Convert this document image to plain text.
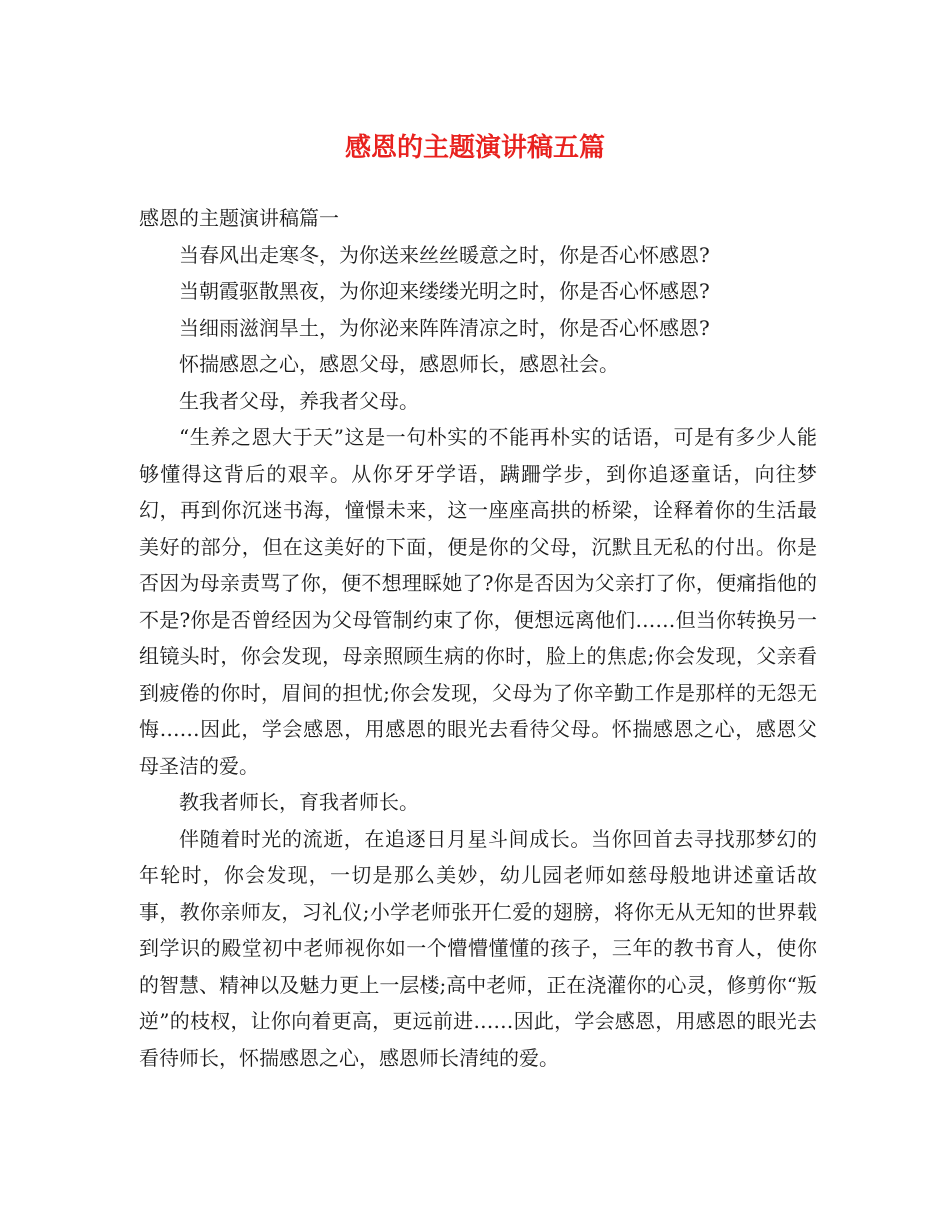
感恩的主题演讲稿五篇

感恩的主题演讲稿篇一

当春风出走寒冬，为你送来丝丝暖意之时，你是否心怀感恩?

当朝霞驱散黑夜，为你迎来缕缕光明之时，你是否心怀感恩?

当细雨滋润旱土，为你泌来阵阵清凉之时，你是否心怀感恩?

怀揣感恩之心，感恩父母，感恩师长，感恩社会。

生我者父母，养我者父母。

“生养之恩大于天”这是一句朴实的不能再朴实的话语，可是有多少人能够懂得这背后的艰辛。从你牙牙学语，蹒跚学步，到你追逐童话，向往梦幻，再到你沉迷书海，憧憬未来，这一座座高拱的桥梁，诠释着你的生活最美好的部分，但在这美好的下面，便是你的父母，沉默且无私的付出。你是否因为母亲责骂了你，便不想理睬她了?你是否因为父亲打了你，便痛指他的不是?你是否曾经因为父母管制约束了你，便想远离他们……但当你转换另一组镜头时，你会发现，母亲照顾生病的你时，脸上的焦虑;你会发现，父亲看到疲倦的你时，眉间的担忧;你会发现，父母为了你辛勤工作是那样的无怨无悔……因此，学会感恩，用感恩的眼光去看待父母。怀揣感恩之心，感恩父母圣洁的爱。

教我者师长，育我者师长。

伴随着时光的流逝，在追逐日月星斗间成长。当你回首去寻找那梦幻的年轮时，你会发现，一切是那么美妙，幼儿园老师如慈母般地讲述童话故事，教你亲师友，习礼仪;小学老师张开仁爱的翅膀，将你无从无知的世界载到学识的殿堂初中老师视你如一个懵懵懂懂的孩子，三年的教书育人，使你的智慧、精神以及魅力更上一层楼;高中老师，正在浇灌你的心灵，修剪你“叛逆”的枝杈，让你向着更高，更远前进……因此，学会感恩，用感恩的眼光去看待师长，怀揣感恩之心，感恩师长清纯的爱。
